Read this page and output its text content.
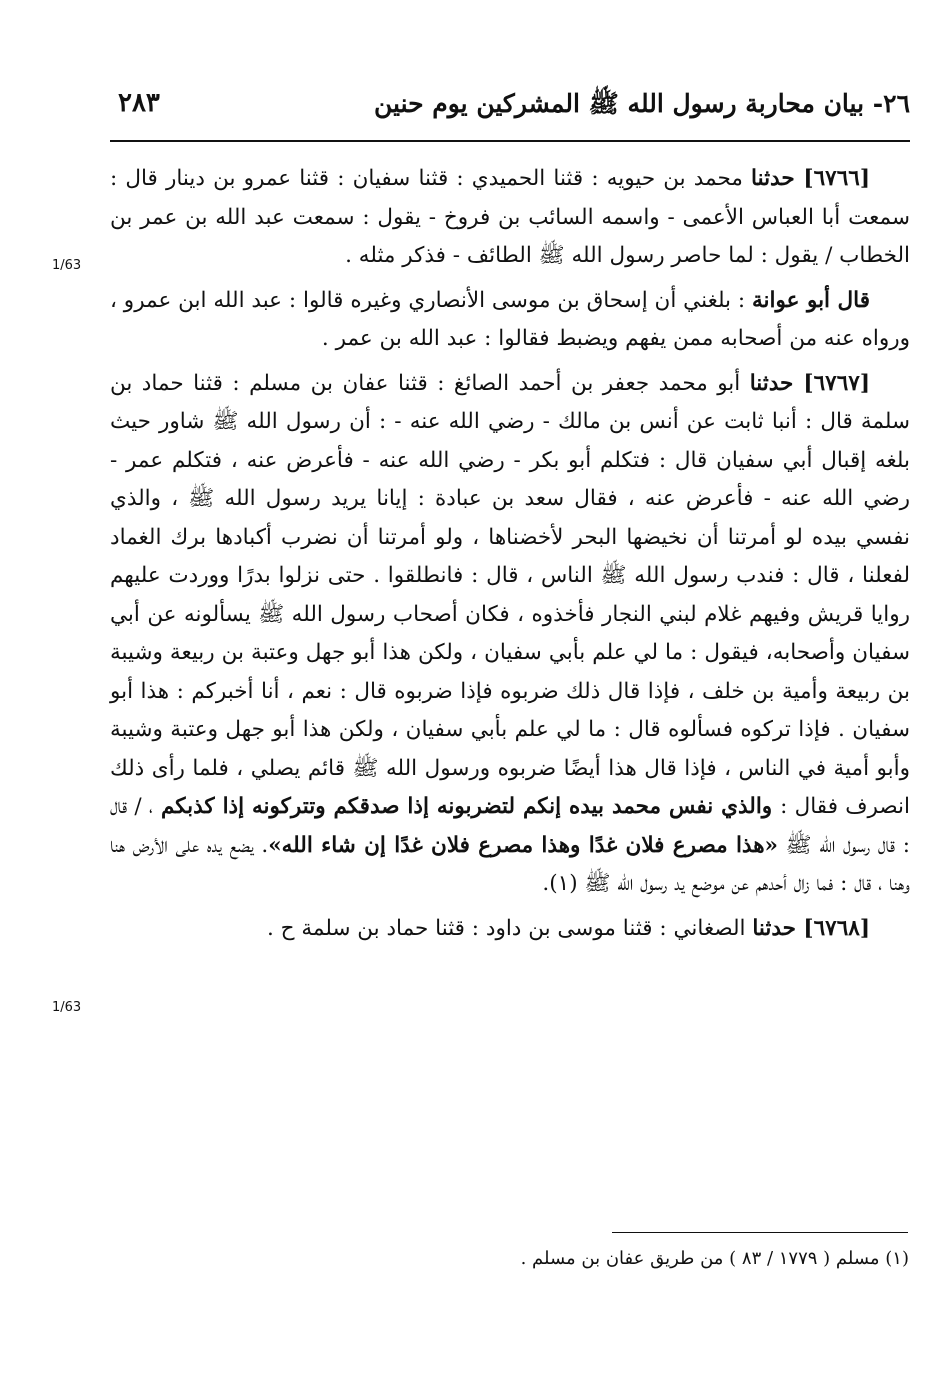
٢٦- بيان محاربة رسول الله ﷺ المشركين يوم حنين
٢٨٣
1/63
1/63

[٦٧٦٦] حدثنا محمد بن حيويه : قثنا الحميدي : قثنا سفيان : قثنا عمرو بن دينار قال : سمعت أبا العباس الأعمى - واسمه السائب بن فروخ - يقول : سمعت عبد الله بن عمر بن الخطاب / يقول : لما حاصر رسول الله ﷺ الطائف - فذكر مثله .

قال أبو عوانة : بلغني أن إسحاق بن موسى الأنصاري وغيره قالوا : عبد الله ابن عمرو ، ورواه عنه من أصحابه ممن يفهم ويضبط فقالوا : عبد الله بن عمر .

[٦٧٦٧] حدثنا أبو محمد جعفر بن أحمد الصائغ : قثنا عفان بن مسلم : قثنا حماد بن سلمة قال : أنبا ثابت عن أنس بن مالك - رضي الله عنه - : أن رسول الله ﷺ شاور حيث بلغه إقبال أبي سفيان قال : فتكلم أبو بكر - رضي الله عنه - فأعرض عنه ، فتكلم عمر - رضي الله عنه - فأعرض عنه ، فقال سعد بن عبادة : إيانا يريد رسول الله ﷺ ، والذي نفسي بيده لو أمرتنا أن نخيضها البحر لأخضناها ، ولو أمرتنا أن نضرب أكبادها برك الغماد لفعلنا ، قال : فندب رسول الله ﷺ الناس ، قال : فانطلقوا . حتى نزلوا بدرًا ووردت عليهم روايا قريش وفيهم غلام لبني النجار فأخذوه ، فكان أصحاب رسول الله ﷺ يسألونه عن أبي سفيان وأصحابه، فيقول : ما لي علم بأبي سفيان ، ولكن هذا أبو جهل وعتبة بن ربيعة وشيبة بن ربيعة وأمية بن خلف ، فإذا قال ذلك ضربوه فإذا ضربوه قال : نعم ، أنا أخبركم : هذا أبو سفيان . فإذا تركوه فسألوه قال : ما لي علم بأبي سفيان ، ولكن هذا أبو جهل وعتبة وشيبة وأبو أمية في الناس ، فإذا قال هذا أيضًا ضربوه ورسول الله ﷺ قائم يصلي ، فلما رأى ذلك انصرف فقال : والذي نفس محمد بيده إنكم لتضربونه إذا صدقكم وتتركونه إذا كذبكم ، / قال : قال رسول الله ﷺ «هذا مصرع فلان غدًا وهذا مصرع فلان غدًا إن شاء الله». يضع يده على الأرض هنا وهنا ، قال : فما زال أحدهم عن موضع يد رسول الله ﷺ (١).

[٦٧٦٨] حدثنا الصغاني : قثنا موسى بن داود : قثنا حماد بن سلمة ح .

(١) مسلم ( ١٧٧٩ / ٨٣ ) من طريق عفان بن مسلم .
